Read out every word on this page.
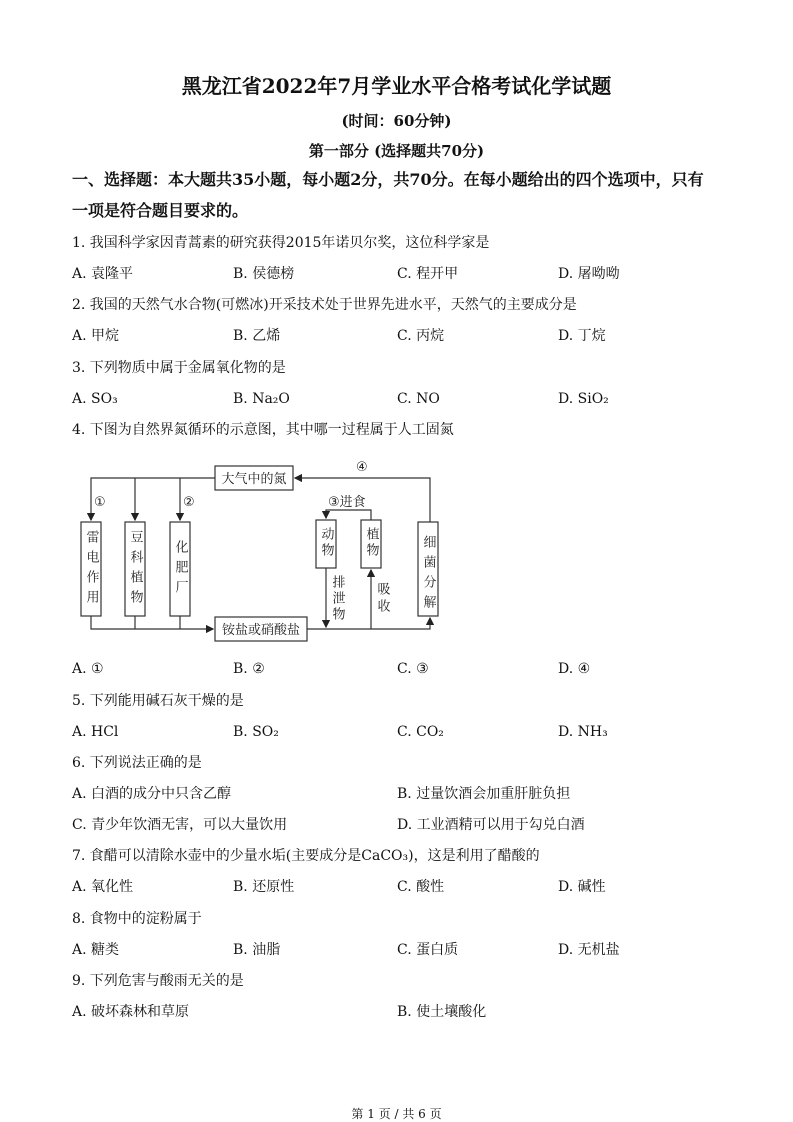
黑龙江省2022年7月学业水平合格考试化学试题
(时间：60分钟)
第一部分 (选择题共70分)
一、选择题：本大题共35小题，每小题2分，共70分。在每小题给出的四个选项中，只有
一项是符合题目要求的。
1. 我国科学家因青蒿素的研究获得2015年诺贝尔奖，这位科学家是
A. 袁隆平	B. 侯德榜	C. 程开甲	D. 屠呦呦
2. 我国的天然气水合物(可燃冰)开采技术处于世界先进水平，天然气的主要成分是
A. 甲烷	B. 乙烯	C. 丙烷	D. 丁烷
3. 下列物质中属于金属氧化物的是
A. SO₃	B. Na₂O	C. NO	D. SiO₂
4. 下图为自然界氮循环的示意图，其中哪一过程属于人工固氮
A. ①	B. ②	C. ③	D. ④
5. 下列能用碱石灰干燥的是
A. HCl	B. SO₂	C. CO₂	D. NH₃
6. 下列说法正确的是
A. 白酒的成分中只含乙醇	B. 过量饮酒会加重肝脏负担
C. 青少年饮酒无害，可以大量饮用	D. 工业酒精可以用于勾兑白酒
7. 食醋可以清除水壶中的少量水垢(主要成分是CaCO₃)，这是利用了醋酸的
A. 氧化性	B. 还原性	C. 酸性	D. 碱性
8. 食物中的淀粉属于
A. 糖类	B. 油脂	C. 蛋白质	D. 无机盐
9. 下列危害与酸雨无关的是
A. 破坏森林和草原	B. 使土壤酸化
大气中的氮
铵盐或硝酸盐
雷电作用 豆科植物 化肥厂	细菌分解
动物 植物
排泄物 吸收
①	②	③进食
④
第 1 页 / 共 6 页
